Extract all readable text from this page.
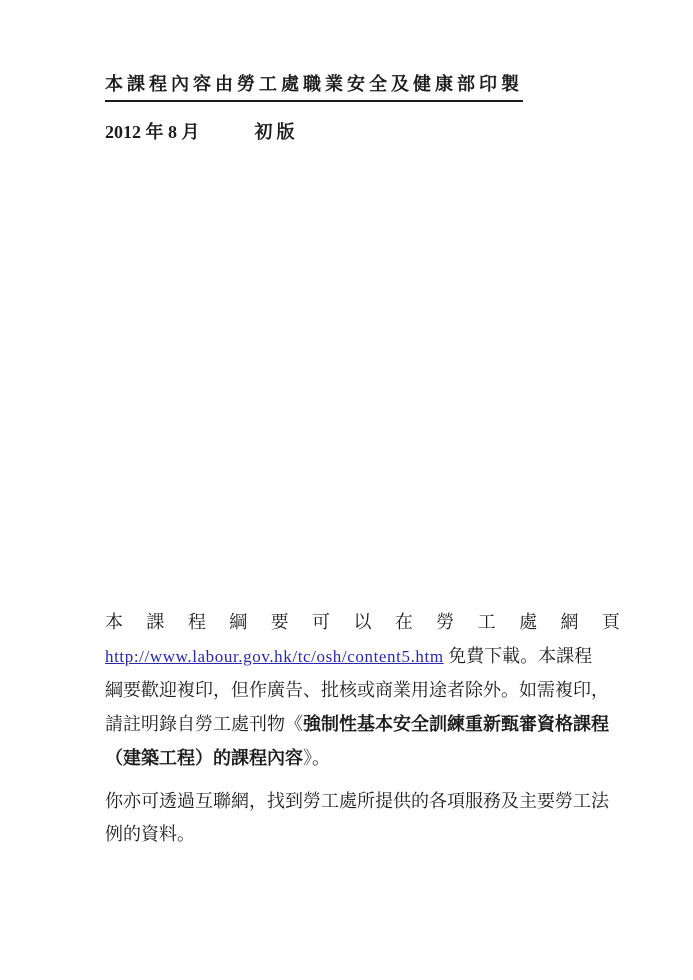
本課程內容由勞工處職業安全及健康部印製
2012 年 8 月	初版
本 課 程 綱 要 可 以 在 勞 工 處 網 頁
http://www.labour.gov.hk/tc/osh/content5.htm 免費下載。本課程
綱要歡迎複印，但作廣告、批核或商業用途者除外。如需複印，
請註明錄自勞工處刊物《強制性基本安全訓練重新甄審資格課程
（建築工程）的課程內容》。
你亦可透過互聯網，找到勞工處所提供的各項服務及主要勞工法
例的資料。
